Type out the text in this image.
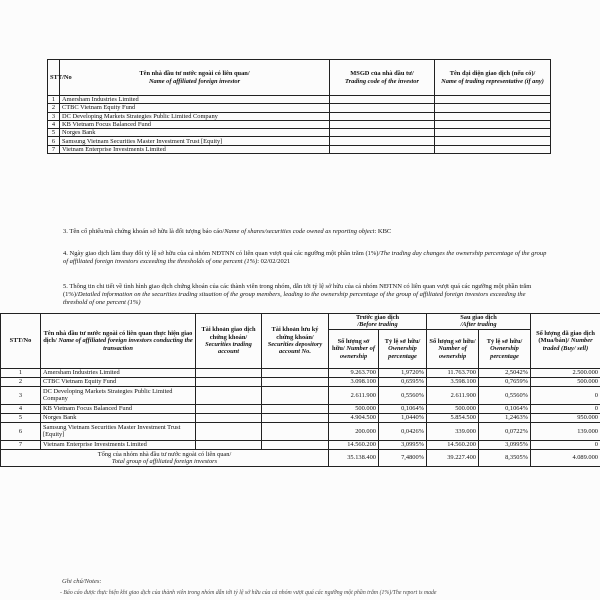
STT/No	Tên nhà đầu tư nước ngoài có liên quan/
Name of affiliated foreign investor	MSGD của nhà đầu tư/
Trading code of the investor	Tên đại diện giao dịch (nếu có)/
Name of trading representative (if any)
1	Amersham Industries Limited		
2	CTBC Vietnam Equity Fund		
3	DC Developing Markets Strategies Public Limited Company		
4	KB Vietnam Focus Balanced Fund		
5	Norges Bank		
6	Samsung Vietnam Securities Master Investment Trust [Equity]		
7	Vietnam Enterprise Investments Limited		
3. Tên cổ phiếu/mã chứng khoán sở hữu là đối tượng báo cáo/Name of shares/securities code owned as reporting object: KBC
4. Ngày giao dịch làm thay đổi tỷ lệ sở hữu của cả nhóm NĐTNN có liên quan vượt quá các ngưỡng một phần trăm (1%)/The trading day changes the ownership percentage of the group of affiliated foreign investors exceeding the thresholds of one percent (1%): 02/02/2021
5. Thông tin chi tiết về tình hình giao dịch chứng khoán của các thành viên trong nhóm, dẫn tới tỷ lệ sở hữu của cả nhóm NĐTNN có liên quan vượt quá các ngưỡng một phần trăm (1%)/Detailed information on the securities trading situation of the group members, leading to the ownership percentage of the group of affiliated foreign investors exceeding the threshold of one percent (1%)
STT/No	Tên nhà đầu tư nước ngoài có liên quan thực hiện giao dịch/ Name of affiliated foreign investors conducting the transaction	Tài khoản giao dịch chứng khoán/ Securities trading account	Tài khoản lưu ký chứng khoán/ Securities depository account No.	Trước giao dịch
/Before trading		Sau giao dịch
/After trading		Số lượng đã giao dịch (Mua/bán)/ Number traded (Buy/ sell)
				Số lượng sở hữu/ Number of ownership	Tỷ lệ sở hữu/ Ownership percentage	Số lượng sở hữu/ Number of ownership	Tỷ lệ sở hữu/ Ownership percentage	
1	Amersham Industries Limited			9.263.700	1,9720%	11.763.700	2,5042%	2.500.000
2	CTBC Vietnam Equity Fund			3.098.100	0,6595%	3.598.100	0,7659%	500.000
3	DC Developing Markets Strategies Public Limited Company			2.611.900	0,5560%	2.611.900	0,5560%	0
4	KB Vietnam Focus Balanced Fund			500.000	0,1064%	500.000	0,1064%	0
5	Norges Bank			4.904.500	1,0440%	5.854.500	1,2463%	950.000
6	Samsung Vietnam Securities Master Investment Trust [Equity]			200.000	0,0426%	339.000	0,0722%	139.000
7	Vietnam Enterprise Investments Limited			14.560.200	3,0995%	14.560.200	3,0995%	0
Tổng của nhóm nhà đầu tư nước ngoài có liên quan/
Total group of affiliated foreign investors				35.138.400	7,4800%	39.227.400	8,3505%	4.089.000
Ghi chú/Notes:
- Báo cáo được thực hiện khi giao dịch của thành viên trong nhóm dẫn tới tỷ lệ sở hữu của cả nhóm vượt quá các ngưỡng một phần trăm (1%)/The report is made
